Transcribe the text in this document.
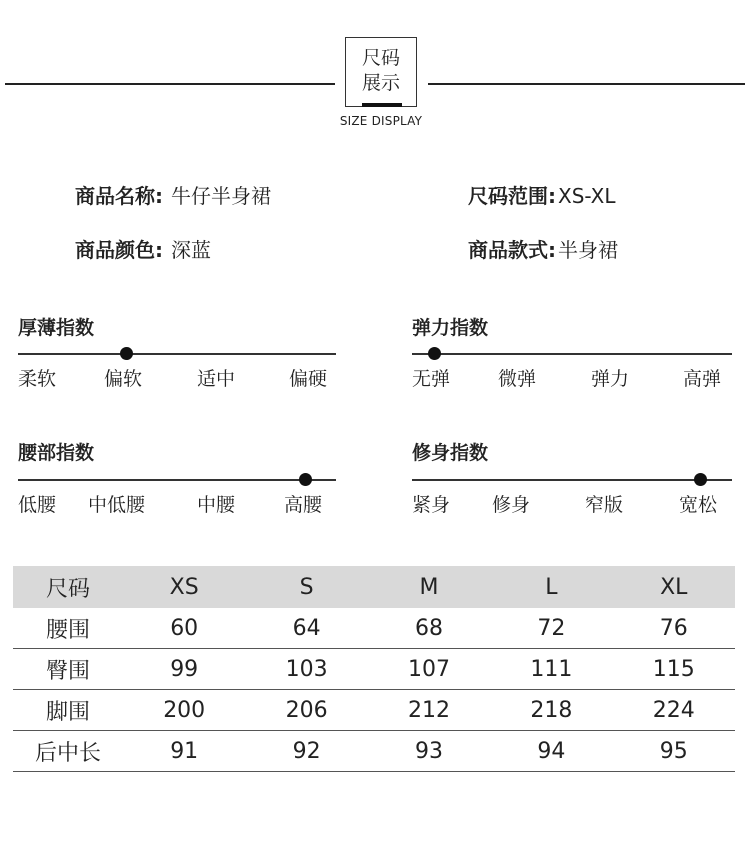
尺码
展示
SIZE DISPLAY
商品名称: 牛仔半身裙	尺码范围: XS-XL
商品颜色: 深蓝	商品款式: 半身裙
厚薄指数
柔软	偏软	适中	偏硬
弹力指数
无弹	微弹	弹力	高弹
腰部指数
低腰 中低腰	中腰	高腰
修身指数
紧身 修身	窄版	宽松
尺码	XS	S	M	L	XL
腰围	60	64	68	72	76
臀围	99	103	107	111	115
脚围	200	206	212	218	224
后中长	91	92	93	94	95
